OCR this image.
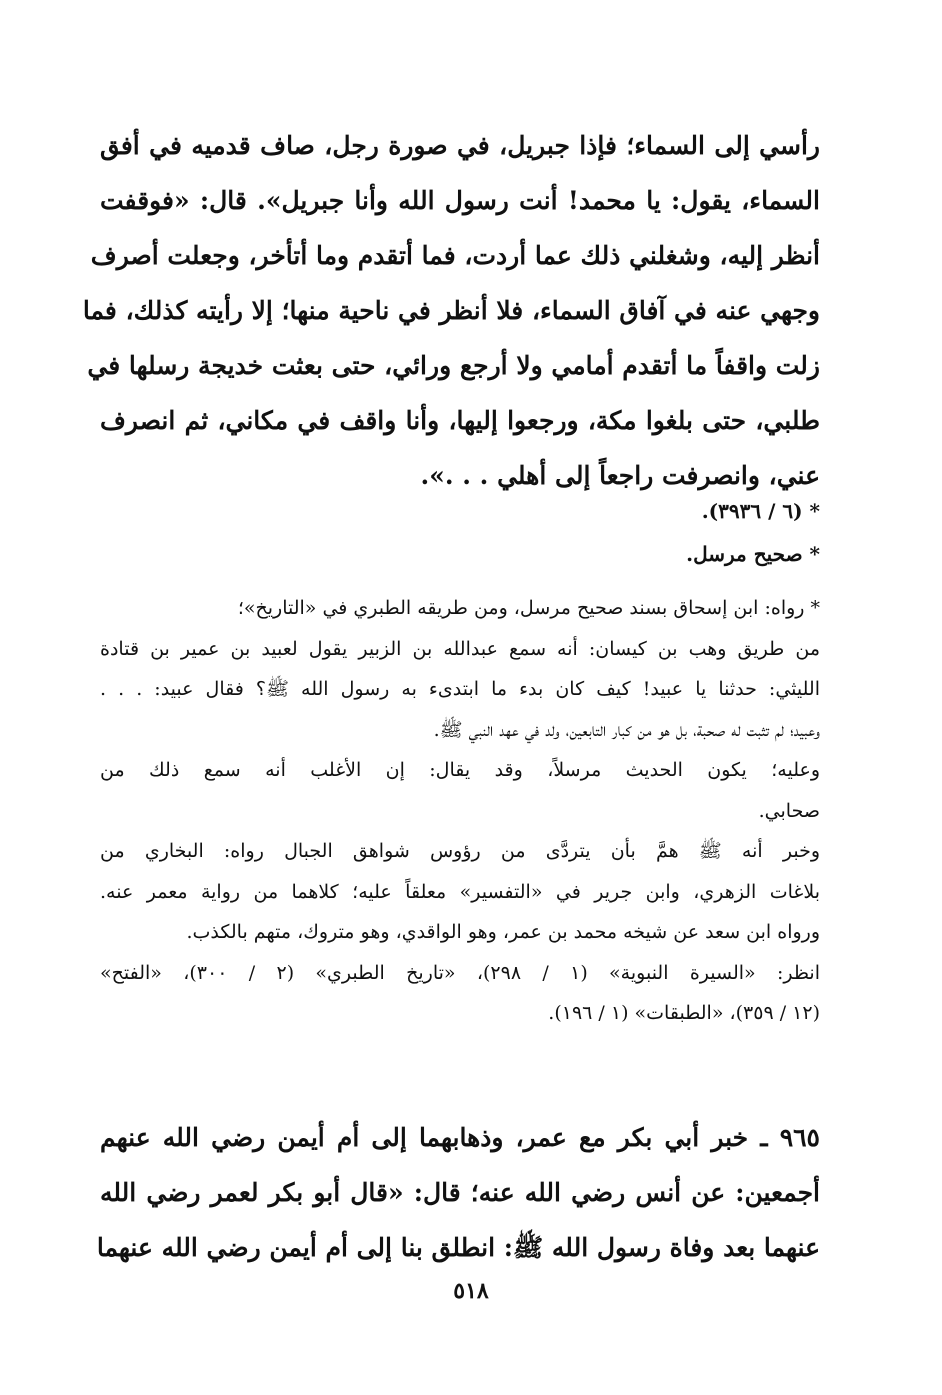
رأسي إلى السماء؛ فإذا جبريل، في صورة رجل، صاف قدميه في أفق
السماء، يقول: يا محمد! أنت رسول الله وأنا جبريل». قال: «فوقفت
أنظر إليه، وشغلني ذلك عما أردت، فما أتقدم وما أتأخر، وجعلت أصرف
وجهي عنه في آفاق السماء، فلا أنظر في ناحية منها؛ إلا رأيته كذلك، فما
زلت واقفاً ما أتقدم أمامي ولا أرجع ورائي، حتى بعثت خديجة رسلها في
طلبي، حتى بلغوا مكة، ورجعوا إليها، وأنا واقف في مكاني، ثم انصرف
عني، وانصرفت راجعاً إلى أهلي . . .».
* (٦ / ٣٩٣٦).
* صحيح مرسل.
* رواه: ابن إسحاق بسند صحيح مرسل، ومن طريقه الطبري في «التاريخ»؛
من طريق وهب بن كيسان: أنه سمع عبدالله بن الزبير يقول لعبيد بن عمير بن قتادة
الليثي: حدثنا يا عبيد! كيف كان بدء ما ابتدىء به رسول الله ﷺ؟ فقال عبيد: . . .
وعبيد؛ لم تثبت له صحبة، بل هو من كبار التابعين، ولد في عهد النبي ﷺ.
وعليه؛ يكون الحديث مرسلاً، وقد يقال: إن الأغلب أنه سمع ذلك من
صحابي.
وخبر أنه ﷺ همَّ بأن يتردَّى من رؤوس شواهق الجبال رواه: البخاري من
بلاغات الزهري، وابن جرير في «التفسير» معلقاً عليه؛ كلاهما من رواية معمر عنه.
ورواه ابن سعد عن شيخه محمد بن عمر، وهو الواقدي، وهو متروك، متهم بالكذب.
انظر: «السيرة النبوية» (١ / ٢٩٨)، «تاريخ الطبري» (٢ / ٣٠٠)، «الفتح»
(١٢ / ٣٥٩)، «الطبقات» (١ / ١٩٦).
٩٦٥ ـ خبر أبي بكر مع عمر، وذهابهما إلى أم أيمن رضي الله عنهم
أجمعين: عن أنس رضي الله عنه؛ قال: «قال أبو بكر لعمر رضي الله
عنهما بعد وفاة رسول الله ﷺ: انطلق بنا إلى أم أيمن رضي الله عنهما
٥١٨
